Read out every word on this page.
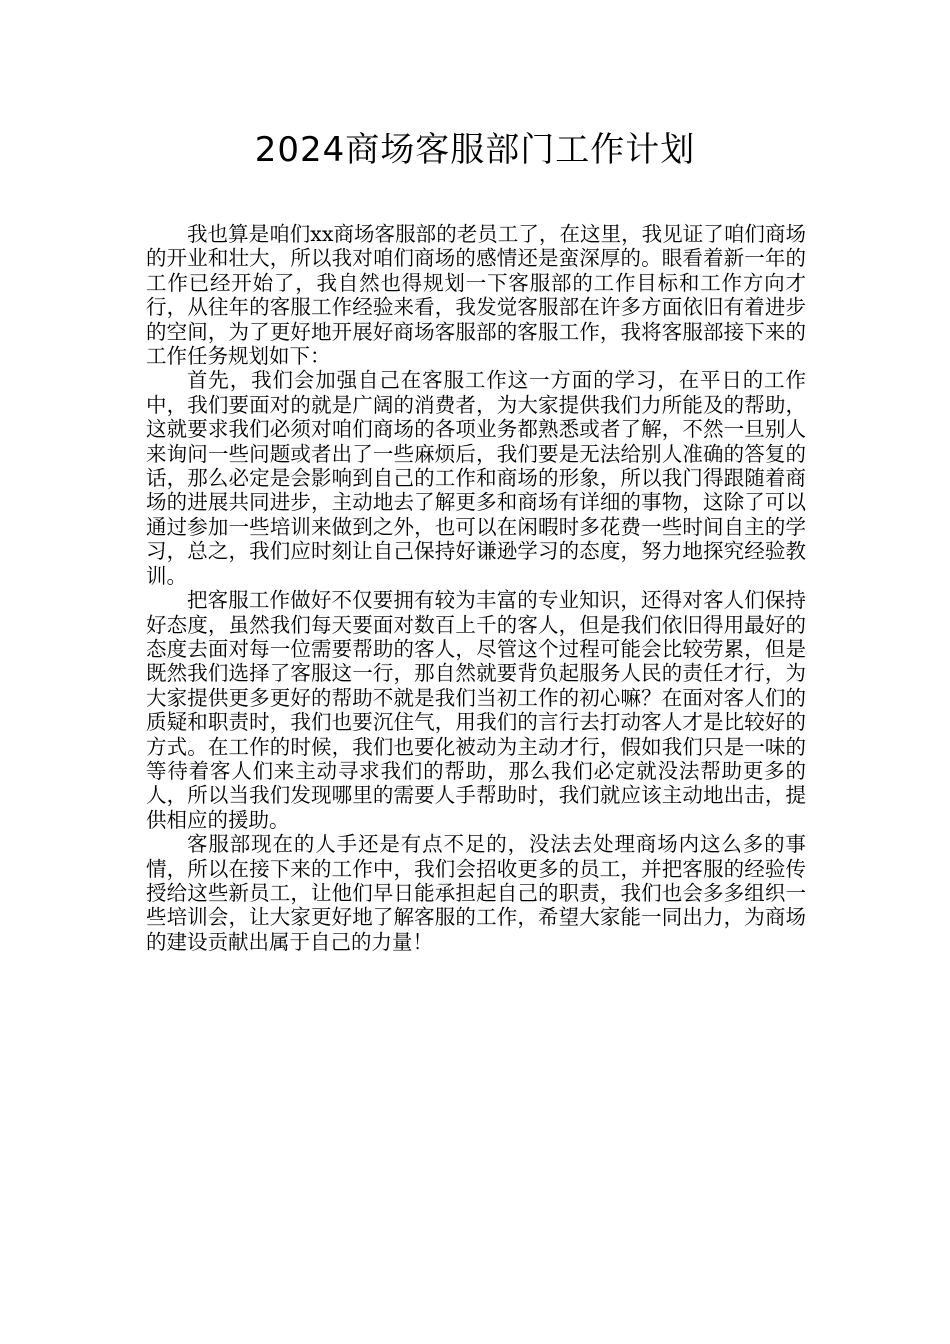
2024商场客服部门工作计划

我也算是咱们xx商场客服部的老员工了，在这里，我见证了咱们商场的开业和壮大，所以我对咱们商场的感情还是蛮深厚的。眼看着新一年的工作已经开始了，我自然也得规划一下客服部的工作目标和工作方向才行，从往年的客服工作经验来看，我发觉客服部在许多方面依旧有着进步的空间，为了更好地开展好商场客服部的客服工作，我将客服部接下来的工作任务规划如下：

首先，我们会加强自己在客服工作这一方面的学习，在平日的工作中，我们要面对的就是广阔的消费者，为大家提供我们力所能及的帮助，这就要求我们必须对咱们商场的各项业务都熟悉或者了解，不然一旦别人来询问一些问题或者出了一些麻烦后，我们要是无法给别人准确的答复的话，那么必定是会影响到自己的工作和商场的形象，所以我门得跟随着商场的进展共同进步，主动地去了解更多和商场有详细的事物，这除了可以通过参加一些培训来做到之外，也可以在闲暇时多花费一些时间自主的学习，总之，我们应时刻让自己保持好谦逊学习的态度，努力地探究经验教训。

把客服工作做好不仅要拥有较为丰富的专业知识，还得对客人们保持好态度，虽然我们每天要面对数百上千的客人，但是我们依旧得用最好的态度去面对每一位需要帮助的客人，尽管这个过程可能会比较劳累，但是既然我们选择了客服这一行，那自然就要背负起服务人民的责任才行，为大家提供更多更好的帮助不就是我们当初工作的初心嘛？在面对客人们的质疑和职责时，我们也要沉住气，用我们的言行去打动客人才是比较好的方式。在工作的时候，我们也要化被动为主动才行，假如我们只是一味的等待着客人们来主动寻求我们的帮助，那么我们必定就没法帮助更多的人，所以当我们发现哪里的需要人手帮助时，我们就应该主动地出击，提供相应的援助。

客服部现在的人手还是有点不足的，没法去处理商场内这么多的事情，所以在接下来的工作中，我们会招收更多的员工，并把客服的经验传授给这些新员工，让他们早日能承担起自己的职责，我们也会多多组织一些培训会，让大家更好地了解客服的工作，希望大家能一同出力，为商场的建设贡献出属于自己的力量！
